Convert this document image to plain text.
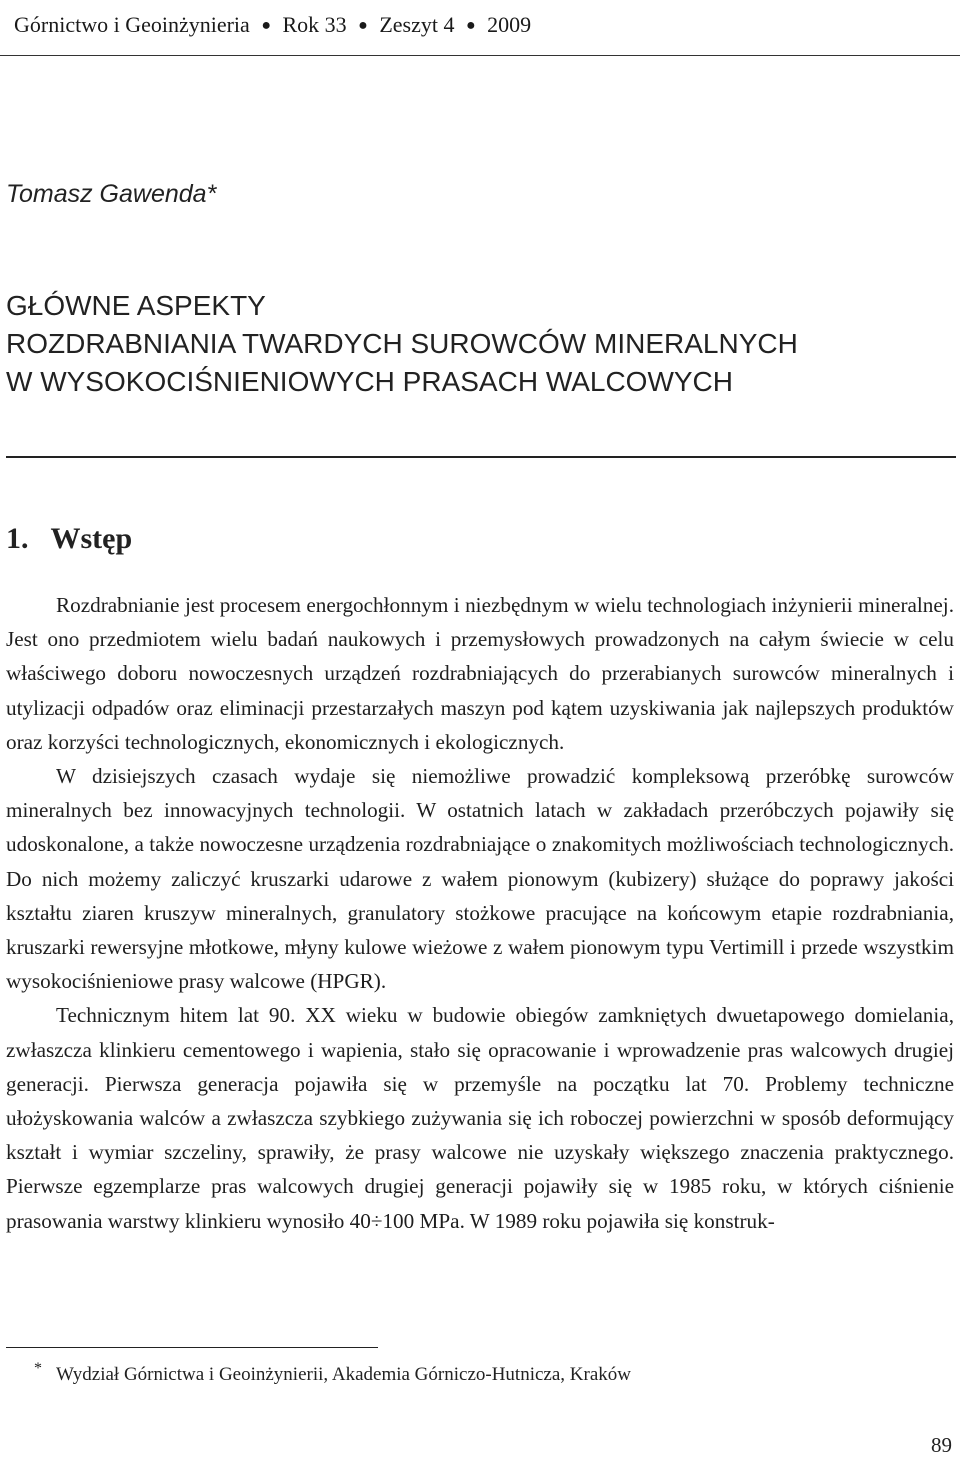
Górnictwo i Geoinżynieria ● Rok 33 ● Zeszyt 4 ● 2009
Tomasz Gawenda*
GŁÓWNE ASPEKTY
ROZDRABNIANIA TWARDYCH SUROWCÓW MINERALNYCH
W WYSOKOCIŚNIENIOWYCH PRASACH WALCOWYCH
1. Wstęp

Rozdrabnianie jest procesem energochłonnym i niezbędnym w wielu technologiach inżynierii mineralnej. Jest ono przedmiotem wielu badań naukowych i przemysłowych prowadzonych na całym świecie w celu właściwego doboru nowoczesnych urządzeń rozdrabniających do przerabianych surowców mineralnych i utylizacji odpadów oraz eliminacji przestarzałych maszyn pod kątem uzyskiwania jak najlepszych produktów oraz korzyści technologicznych, ekonomicznych i ekologicznych.

W dzisiejszych czasach wydaje się niemożliwe prowadzić kompleksową przeróbkę surowców mineralnych bez innowacyjnych technologii. W ostatnich latach w zakładach przeróbczych pojawiły się udoskonalone, a także nowoczesne urządzenia rozdrabniające o znakomitych możliwościach technologicznych. Do nich możemy zaliczyć kruszarki udarowe z wałem pionowym (kubizery) służące do poprawy jakości kształtu ziaren kruszyw mineralnych, granulatory stożkowe pracujące na końcowym etapie rozdrabniania, kruszarki rewersyjne młotkowe, młyny kulowe wieżowe z wałem pionowym typu Vertimill i przede wszystkim wysokociśnieniowe prasy walcowe (HPGR).

Technicznym hitem lat 90. XX wieku w budowie obiegów zamkniętych dwuetapowego domielania, zwłaszcza klinkieru cementowego i wapienia, stało się opracowanie i wprowadzenie pras walcowych drugiej generacji. Pierwsza generacja pojawiła się w przemyśle na początku lat 70. Problemy techniczne ułożyskowania walców a zwłaszcza szybkiego zużywania się ich roboczej powierzchni w sposób deformujący kształt i wymiar szczeliny, sprawiły, że prasy walcowe nie uzyskały większego znaczenia praktycznego. Pierwsze egzemplarze pras walcowych drugiej generacji pojawiły się w 1985 roku, w których ciśnienie prasowania warstwy klinkieru wynosiło 40÷100 MPa. W 1989 roku pojawiła się konstruk-

* Wydział Górnictwa i Geoinżynierii, Akademia Górniczo-Hutnicza, Kraków
89
